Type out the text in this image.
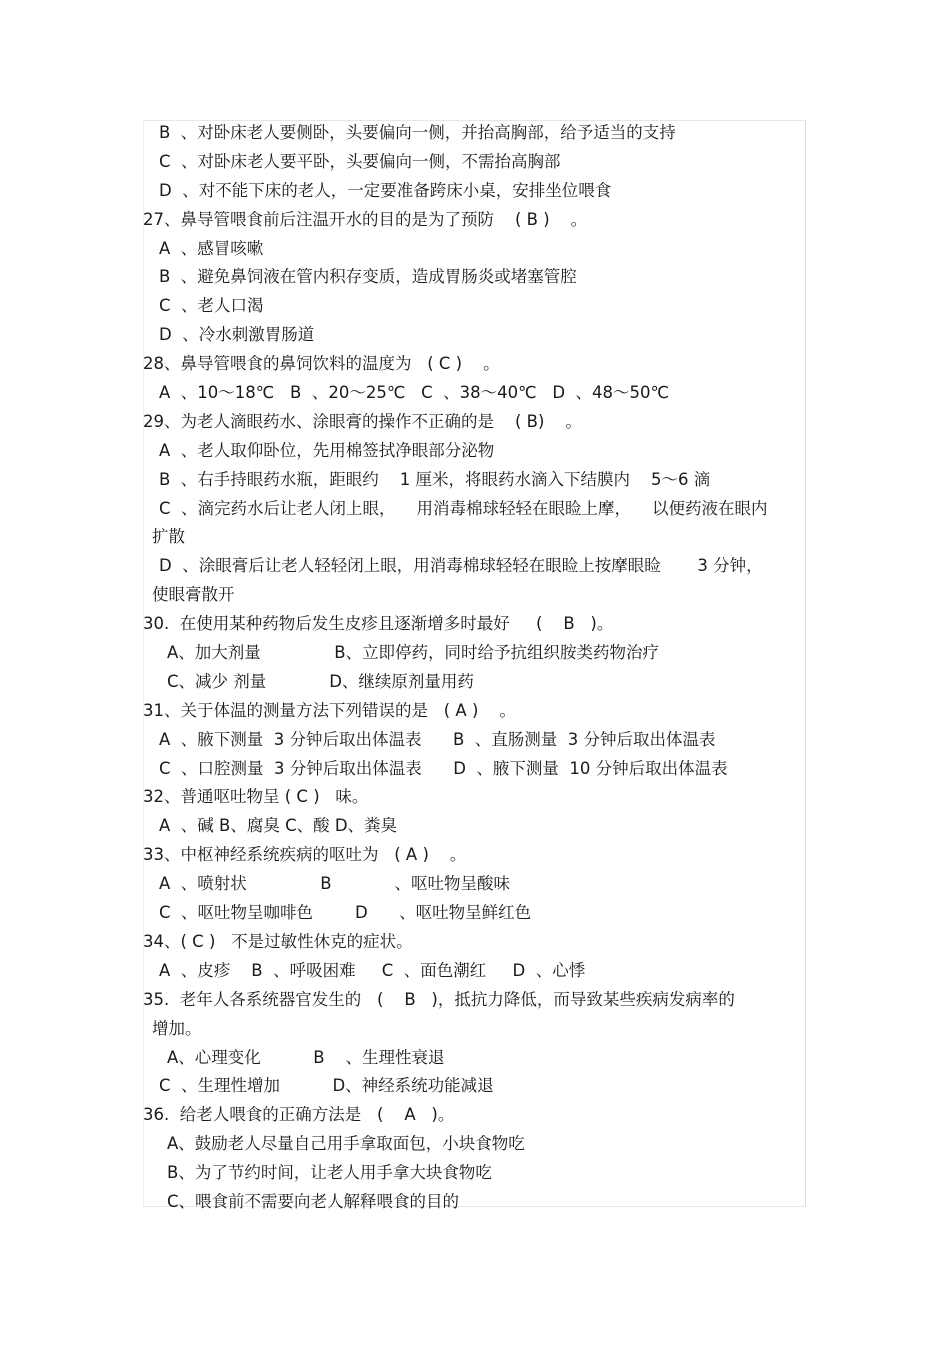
B  、对卧床老人要侧卧，头要偏向一侧，并抬高胸部，给予适当的支持
C  、对卧床老人要平卧，头要偏向一侧，不需抬高胸部
D  、对不能下床的老人，一定要准备跨床小桌，安排坐位喂食
27、鼻导管喂食前后注温开水的目的是为了预防    ( B )    。
A  、感冒咳嗽
B  、避免鼻饲液在管内积存变质，造成胃肠炎或堵塞管腔
C  、老人口渴
D  、冷水刺激胃肠道
28、鼻导管喂食的鼻饲饮料的温度为   ( C )    。
A  、10～18℃   B  、20～25℃   C  、38～40℃   D  、48～50℃
29、为老人滴眼药水、涂眼膏的操作不正确的是    ( B)    。
A  、老人取仰卧位，先用棉签拭净眼部分泌物
B  、右手持眼药水瓶，距眼约    1 厘米，将眼药水滴入下结膜内    5～6 滴
C  、滴完药水后让老人闭上眼，    用消毒棉球轻轻在眼睑上摩，    以便药液在眼内
扩散
D  、涂眼膏后让老人轻轻闭上眼，用消毒棉球轻轻在眼睑上按摩眼睑       3 分钟，
使眼膏散开
30.  在使用某种药物后发生皮疹且逐渐增多时最好     (    B   )。
A、加大剂量              B、立即停药，同时给予抗组织胺类药物治疗
C、减少 剂量            D、继续原剂量用药
31、关于体温的测量方法下列错误的是   ( A )    。
A  、腋下测量  3 分钟后取出体温表      B  、直肠测量  3 分钟后取出体温表
C  、口腔测量  3 分钟后取出体温表      D  、腋下测量  10 分钟后取出体温表
32、普通呕吐物呈 ( C )   味。
A  、碱 B、腐臭 C、酸 D、粪臭
33、中枢神经系统疾病的呕吐为   ( A )    。
A  、喷射状              B            、呕吐物呈酸味
C  、呕吐物呈咖啡色        D      、呕吐物呈鲜红色
34、( C )   不是过敏性休克的症状。
A  、皮疹    B  、呼吸困难     C  、面色潮红     D  、心悸
35.  老年人各系统器官发生的   (    B   )，抵抗力降低，而导致某些疾病发病率的
增加。
A、心理变化          B    、生理性衰退
C  、生理性增加          D、神经系统功能减退
36.  给老人喂食的正确方法是   (    A   )。
A、鼓励老人尽量自己用手拿取面包，小块食物吃
B、为了节约时间，让老人用手拿大块食物吃
C、喂食前不需要向老人解释喂食的目的
